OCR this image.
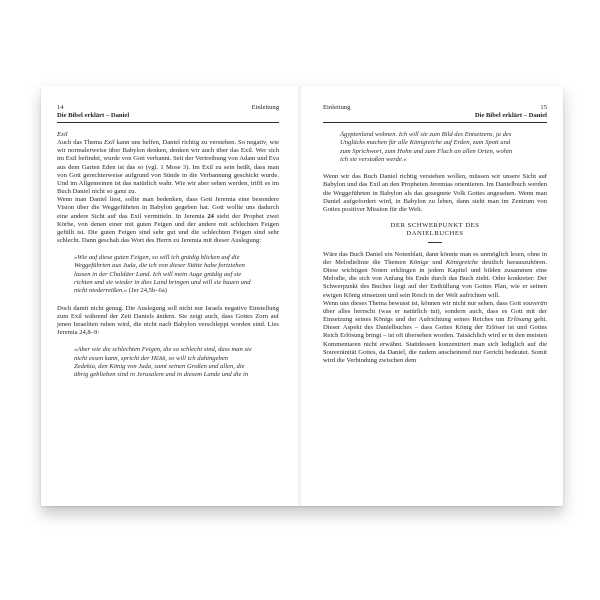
14
Die Bibel erklärt – Daniel
Einleitung

Exil

Auch das Thema Exil kann uns helfen, Daniel richtig zu verstehen. So negativ, wie wir normalerweise über Babylon denken, denken wir auch über das Exil. Wer sich im Exil befindet, wurde von Gott verbannt. Seit der Vertreibung von Adam und Eva aus dem Garten Eden ist das so (vgl. 1 Mose 3). Im Exil zu sein heißt, dass man von Gott gerechterweise aufgrund von Sünde in die Verbannung geschickt wurde. Und im Allgemeinen ist das natürlich wahr. Wie wir aber sehen werden, trifft es im Buch Daniel nicht so ganz zu.

Wenn man Daniel liest, sollte man bedenken, dass Gott Jeremia eine besondere Vision über die Weggeführten in Babylon gegeben hat. Gott wollte uns dadurch eine andere Sicht auf das Exil vermitteln. In Jeremia 24 sieht der Prophet zwei Körbe, von denen einer mit guten Feigen und der andere mit schlechten Feigen gefüllt ist. Die guten Feigen sind sehr gut und die schlechten Feigen sind sehr schlecht. Dann geschah das Wort des Herrn zu Jeremia mit dieser Auslegung:

»Wie auf diese guten Feigen, so will ich gnädig blicken auf die Weggeführten aus Juda, die ich von dieser Stätte habe fortziehen lassen in der Chaldäer Land. Ich will mein Auge gnädig auf sie richten und sie wieder in dies Land bringen und will sie bauen und nicht niederreißen.« (Jer 24,5b–6a)

Doch damit nicht genug. Die Auslegung soll nicht nur Israels negative Einstellung zum Exil während der Zeit Daniels ändern. Sie zeigt auch, dass Gottes Zorn auf jenen Israeliten ruhen wird, die nicht nach Babylon verschleppt worden sind. Lies Jeremia 24,8–9:

»Aber wie die schlechten Feigen, die so schlecht sind, dass man sie nicht essen kann, spricht der Herr, so will ich dahingeben Zedekia, den König von Juda, samt seinen Großen und allen, die übrig geblieben sind in Jerusalem und in diesem Lande und die in
Einleitung	15
Die Bibel erklärt – Daniel
Ägyptenland wohnen. Ich will sie zum Bild des Entsetzens, ja des Unglücks machen für alle Königreiche auf Erden, zum Spott und zum Sprichwort, zum Hohn und zum Fluch an allen Orten, wohin ich sie verstoßen werde.«

Wenn wir das Buch Daniel richtig verstehen wollen, müssen wir unsere Sicht auf Babylon und das Exil an den Propheten Jeremias orientieren. Im Danielbuch werden die Weggeführten in Babylon als das gesegnete Volk Gottes angesehen. Wenn man Daniel aufgefordert wird, in Babylon zu leben, dann steht man im Zentrum von Gottes positiver Mission für die Welt.

DER SCHWERPUNKT DES
DANIELBUCHES

Wäre das Buch Daniel ein Notenblatt, dann könnte man es unmöglich lesen, ohne in der Melodielinie die Themen Könige und Königreiche deutlich herauszuhören. Diese wichtigen Noten erklingen in jedem Kapitel und bilden zusammen eine Melodie, die sich von Anfang bis Ende durch das Buch zieht. Oder konkreter: Der Schwerpunkt des Buches liegt auf der Enthüllung von Gottes Plan, wie er seinen ewigen König einsetzen und sein Reich in der Welt aufrichten will.

Wenn uns dieses Thema bewusst ist, können wir nicht nur sehen, dass Gott souverän über alles herrscht (was er natürlich tut), sondern auch, dass es Gott mit der Einsetzung seines Königs und der Aufrichtung seines Reiches um Erlösung geht. Dieser Aspekt des Danielbuches – dass Gottes König der Erlöser ist und Gottes Reich Erlösung bringt – ist oft übersehen worden. Tatsächlich wird er in den meisten Kommentaren nicht erwähnt. Stattdessen konzentriert man sich lediglich auf die Souveränität Gottes, da Daniel, die zudem anscheinend nur Gericht bedeutet. Somit wird die Verbindung zwischen dem
